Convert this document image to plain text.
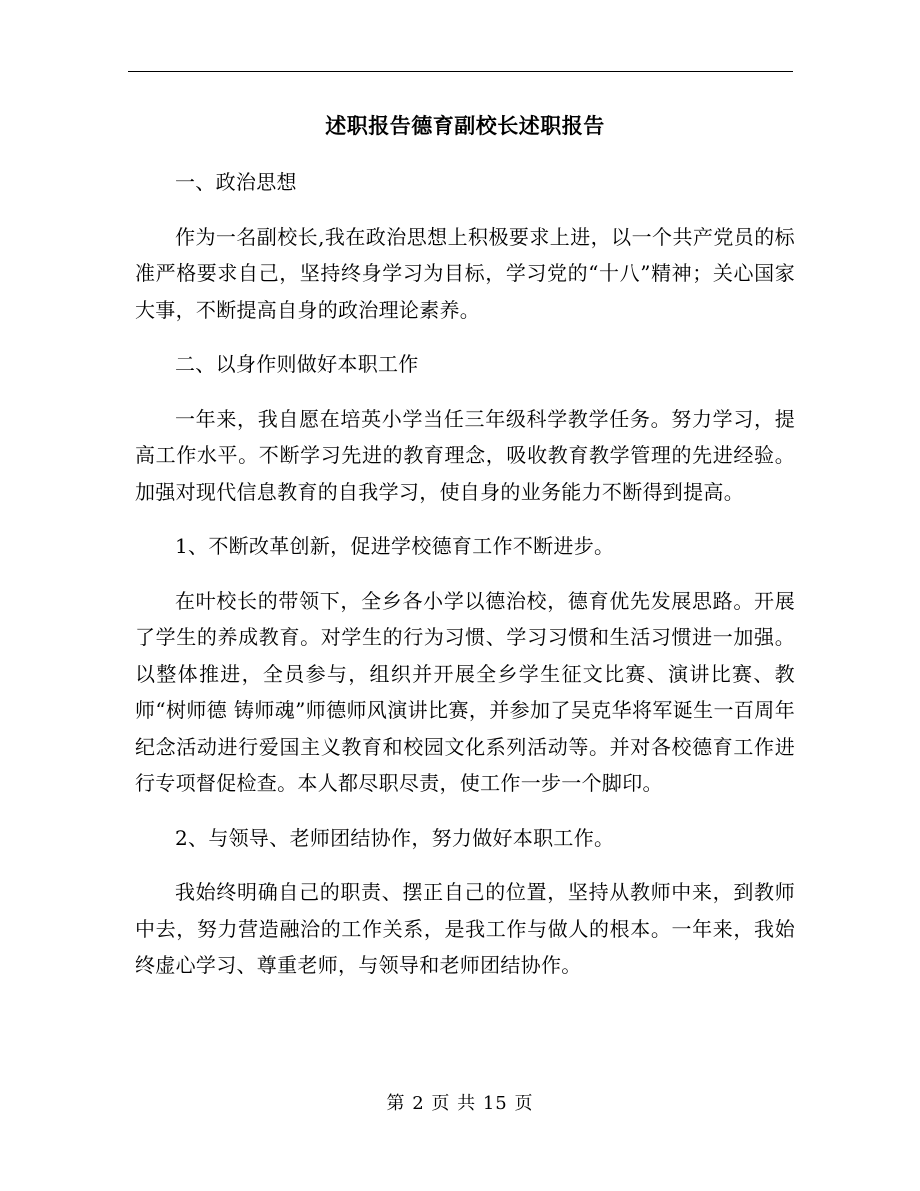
述职报告德育副校长述职报告

一、政治思想

作为一名副校长,我在政治思想上积极要求上进，以一个共产党员的标准严格要求自己，坚持终身学习为目标，学习党的“十八”精神；关心国家大事，不断提高自身的政治理论素养。

二、以身作则做好本职工作

一年来，我自愿在培英小学当任三年级科学教学任务。努力学习，提高工作水平。不断学习先进的教育理念，吸收教育教学管理的先进经验。加强对现代信息教育的自我学习，使自身的业务能力不断得到提高。

1、不断改革创新，促进学校德育工作不断进步。

在叶校长的带领下，全乡各小学以德治校，德育优先发展思路。开展了学生的养成教育。对学生的行为习惯、学习习惯和生活习惯进一加强。以整体推进，全员参与，组织并开展全乡学生征文比赛、演讲比赛、教师“树师德 铸师魂”师德师风演讲比赛，并参加了吴克华将军诞生一百周年纪念活动进行爱国主义教育和校园文化系列活动等。并对各校德育工作进行专项督促检查。本人都尽职尽责，使工作一步一个脚印。

2、与领导、老师团结协作，努力做好本职工作。

我始终明确自己的职责、摆正自己的位置，坚持从教师中来，到教师中去，努力营造融洽的工作关系，是我工作与做人的根本。一年来，我始终虚心学习、尊重老师，与领导和老师团结协作。

第 2 页 共 15 页
